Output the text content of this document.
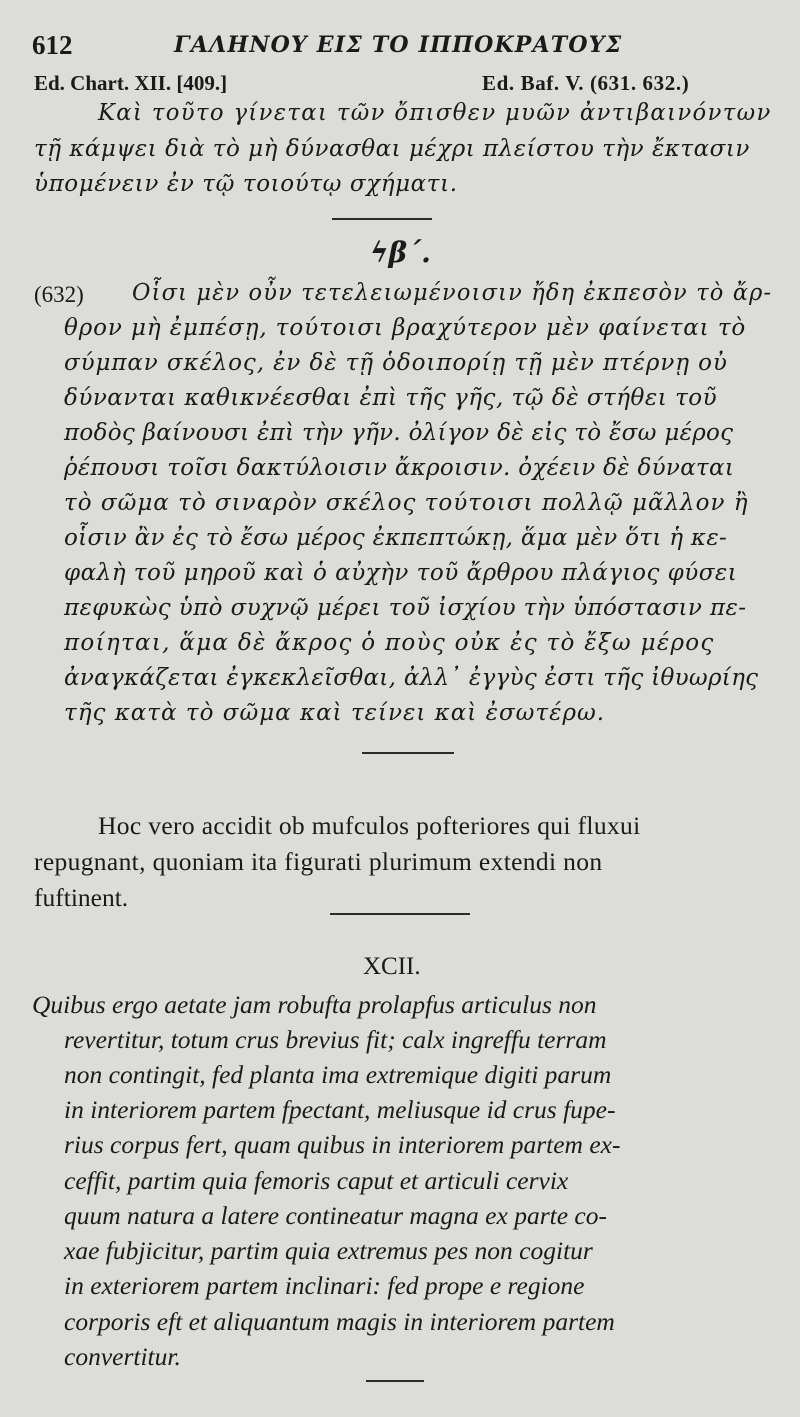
612	ΓΑΛΗΝΟΥ ΕΙΣ ΤΟ ΙΠΠΟΚΡΑΤΟΥΣ
Ed. Chart. XII. [409.]	Ed. Baf. V. (631. 632.)
Καὶ τοῦτο γίνεται τῶν ὄπισθεν μυῶν ἀντιβαινόντων
τῇ κάμψει διὰ τὸ μὴ δύνασθαι μέχρι πλείστου τὴν ἔκτασιν
ὑπομένειν ἐν τῷ τοιούτῳ σχήματι.
ϟβ΄.
(632) Οἷσι μὲν οὖν τετελειωμένοισιν ἤδη ἐκπεσὸν τὸ ἄρ-
θρον μὴ ἐμπέσῃ, τούτοισι βραχύτερον μὲν φαίνεται τὸ
σύμπαν σκέλος, ἐν δὲ τῇ ὁδοιπορίῃ τῇ μὲν πτέρνῃ οὐ
δύνανται καθικνέεσθαι ἐπὶ τῆς γῆς, τῷ δὲ στήθει τοῦ
ποδὸς βαίνουσι ἐπὶ τὴν γῆν. ὀλίγον δὲ εἰς τὸ ἔσω μέρος
ῥέπουσι τοῖσι δακτύλοισιν ἄκροισιν. ὀχέειν δὲ δύναται
τὸ σῶμα τὸ σιναρὸν σκέλος τούτοισι πολλῷ μᾶλλον ἢ
οἷσιν ἂν ἐς τὸ ἔσω μέρος ἐκπεπτώκῃ, ἅμα μὲν ὅτι ἡ κε-
φαλὴ τοῦ μηροῦ καὶ ὁ αὐχὴν τοῦ ἄρθρου πλάγιος φύσει
πεφυκὼς ὑπὸ συχνῷ μέρει τοῦ ἰσχίου τὴν ὑπόστασιν πε-
ποίηται, ἅμα δὲ ἄκρος ὁ ποὺς οὐκ ἐς τὸ ἔξω μέρος
ἀναγκάζεται ἐγκεκλεῖσθαι, ἀλλ᾽ ἐγγὺς ἐστι τῆς ἰθυωρίης
τῆς κατὰ τὸ σῶμα καὶ τείνει καὶ ἐσωτέρω.
Hoc vero accidit ob mufculos pofteriores qui fluxui
repugnant, quoniam ita figurati plurimum extendi non
fuftinent.
XCII.
Quibus ergo aetate jam robufta prolapfus articulus non
revertitur, totum crus brevius fit; calx ingreffu terram
non contingit, fed planta ima extremique digiti parum
in interiorem partem fpectant, meliusque id crus fupe-
rius corpus fert, quam quibus in interiorem partem ex-
ceffit, partim quia femoris caput et articuli cervix
quum natura a latere contineatur magna ex parte co-
xae fubjicitur, partim quia extremus pes non cogitur
in exteriorem partem inclinari: fed prope e regione
corporis eft et aliquantum magis in interiorem partem
convertitur.
